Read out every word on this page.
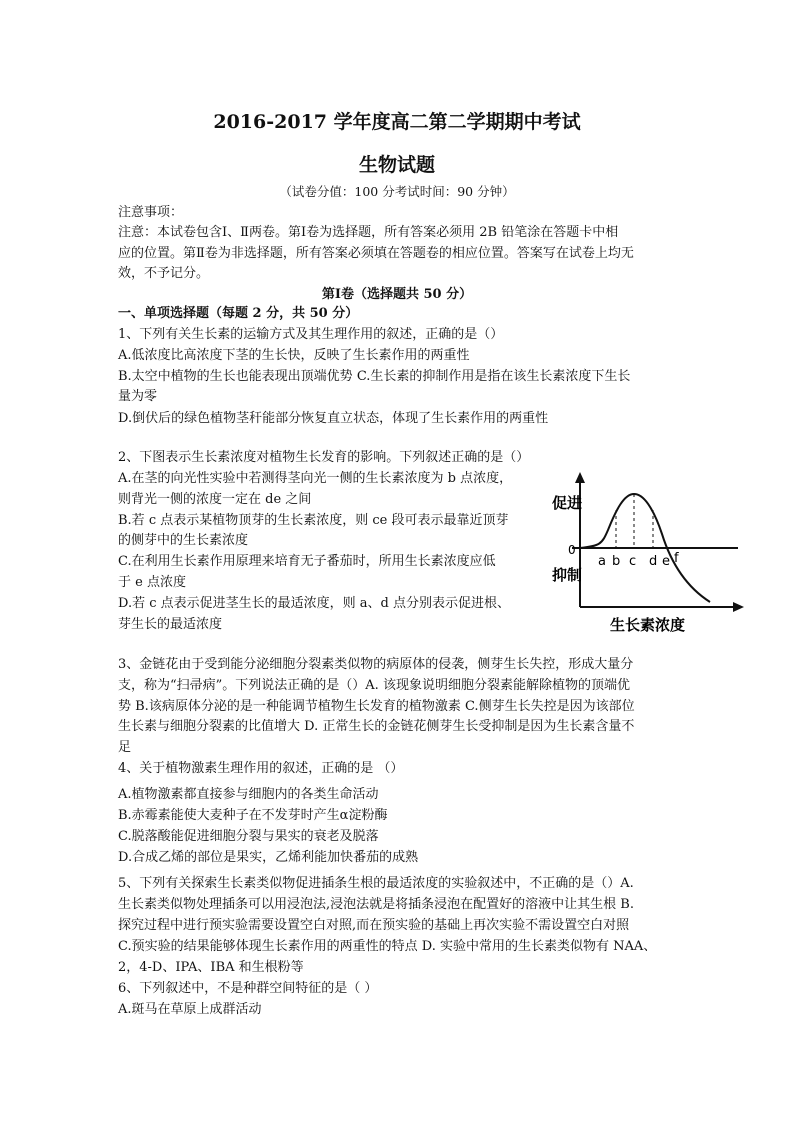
2016-2017 学年度高二第二学期期中考试
生物试题
（试卷分值：100 分考试时间：90 分钟）
注意事项：
注意：本试卷包含Ⅰ、Ⅱ两卷。第Ⅰ卷为选择题，所有答案必须用 2B 铅笔涂在答题卡中相
应的位置。第Ⅱ卷为非选择题，所有答案必须填在答题卷的相应位置。答案写在试卷上均无
效，不予记分。
第Ⅰ卷（选择题共 50 分）
一、单项选择题（每题 2 分，共 50 分）
1、下列有关生长素的运输方式及其生理作用的叙述，正确的是（）
A.低浓度比高浓度下茎的生长快，反映了生长素作用的两重性
B.太空中植物的生长也能表现出顶端优势 C.生长素的抑制作用是指在该生长素浓度下生长
量为零
D.倒伏后的绿色植物茎秆能部分恢复直立状态，体现了生长素作用的两重性
2、下图表示生长素浓度对植物生长发育的影响。下列叙述正确的是（）
A.在茎的向光性实验中若测得茎向光一侧的生长素浓度为 b 点浓度，
则背光一侧的浓度一定在 de 之间
B.若 c 点表示某植物顶芽的生长素浓度，则 ce 段可表示最靠近顶芽
的侧芽中的生长素浓度
C.在利用生长素作用原理来培育无子番茄时，所用生长素浓度应低
于 e 点浓度
D.若 c 点表示促进茎生长的最适浓度，则 a、d 点分别表示促进根、
芽生长的最适浓度
促进
抑制
0
a b c d e f
生长素浓度
3、金链花由于受到能分泌细胞分裂素类似物的病原体的侵袭，侧芽生长失控，形成大量分
支，称为“扫帚病”。下列说法正确的是（）A. 该现象说明细胞分裂素能解除植物的顶端优
势 B.该病原体分泌的是一种能调节植物生长发育的植物激素 C.侧芽生长失控是因为该部位
生长素与细胞分裂素的比值增大 D. 正常生长的金链花侧芽生长受抑制是因为生长素含量不
足
4、关于植物激素生理作用的叙述，正确的是 （）
A.植物激素都直接参与细胞内的各类生命活动
B.赤霉素能使大麦种子在不发芽时产生α淀粉酶
C.脱落酸能促进细胞分裂与果实的衰老及脱落
D.合成乙烯的部位是果实，乙烯利能加快番茄的成熟
5、下列有关探索生长素类似物促进插条生根的最适浓度的实验叙述中，不正确的是（）A.
生长素类似物处理插条可以用浸泡法,浸泡法就是将插条浸泡在配置好的溶液中让其生根 B.
探究过程中进行预实验需要设置空白对照,而在预实验的基础上再次实验不需设置空白对照
C.预实验的结果能够体现生长素作用的两重性的特点 D. 实验中常用的生长素类似物有 NAA、
2，4-D、IPA、IBA 和生根粉等
6、下列叙述中，不是种群空间特征的是（ ）
A.斑马在草原上成群活动
